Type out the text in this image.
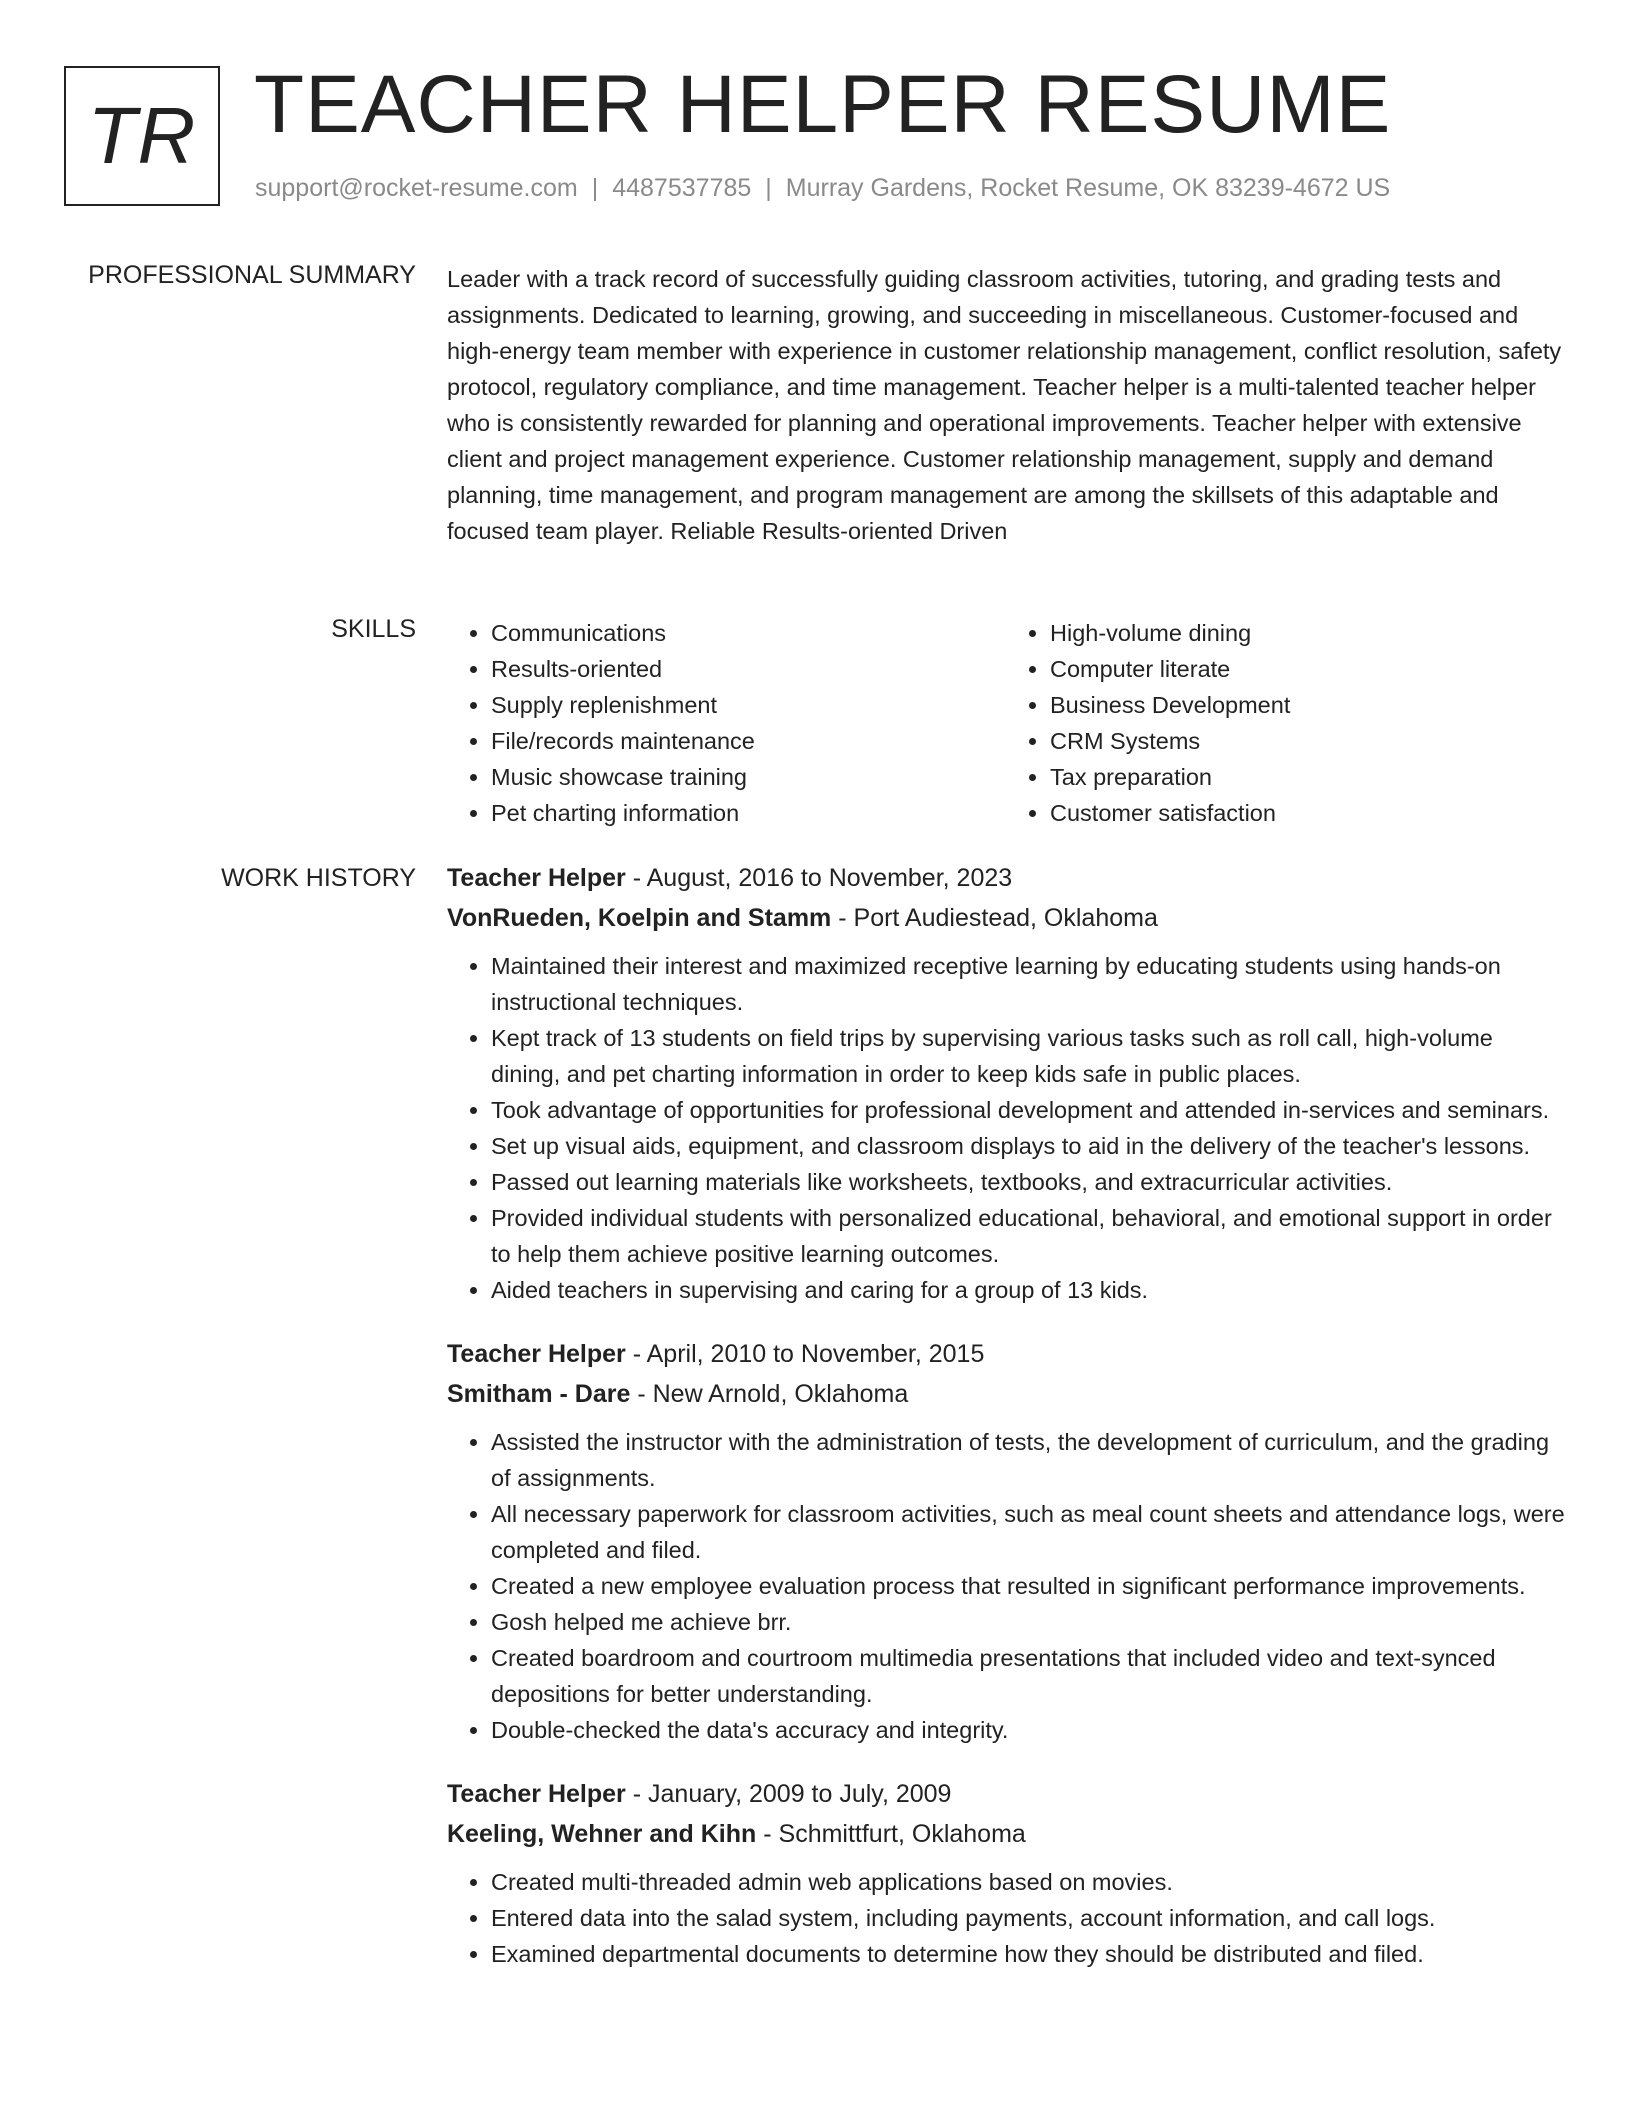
TR TEACHER HELPER RESUME
support@rocket-resume.com | 4487537785 | Murray Gardens, Rocket Resume, OK 83239-4672 US
PROFESSIONAL SUMMARY Leader with a track record of successfully guiding classroom activities, tutoring, and grading tests and assignments. Dedicated to learning, growing, and succeeding in miscellaneous. Customer-focused and high-energy team member with experience in customer relationship management, conflict resolution, safety protocol, regulatory compliance, and time management. Teacher helper is a multi-talented teacher helper who is consistently rewarded for planning and operational improvements. Teacher helper with extensive client and project management experience. Customer relationship management, supply and demand planning, time management, and program management are among the skillsets of this adaptable and focused team player. Reliable Results-oriented Driven

SKILLS
•	Communications
• Results-oriented
• Supply replenishment
• File/records maintenance
• Music showcase training
• Pet charting information
• High-volume dining
• Computer literate
• Business Development
• CRM Systems
• Tax preparation
• Customer satisfaction
WORK HISTORY Teacher Helper - August, 2016 to November, 2023
VonRueden, Koelpin and Stamm - Port Audiestead, Oklahoma
• Maintained their interest and maximized receptive learning by educating students using hands-on instructional techniques.
• Kept track of 13 students on field trips by supervising various tasks such as roll call, high-volume dining, and pet charting information in order to keep kids safe in public places.
• Took advantage of opportunities for professional development and attended in-services and seminars.
• Set up visual aids, equipment, and classroom displays to aid in the delivery of the teacher's lessons.
• Passed out learning materials like worksheets, textbooks, and extracurricular activities.
• Provided individual students with personalized educational, behavioral, and emotional support in order to help them achieve positive learning outcomes.
• Aided teachers in supervising and caring for a group of 13 kids.
Teacher Helper - April, 2010 to November, 2015
Smitham - Dare - New Arnold, Oklahoma
• Assisted the instructor with the administration of tests, the development of curriculum, and the grading of assignments.
• All necessary paperwork for classroom activities, such as meal count sheets and attendance logs, were completed and filed.
• Created a new employee evaluation process that resulted in significant performance improvements.
• Gosh helped me achieve brr.
• Created boardroom and courtroom multimedia presentations that included video and text-synced depositions for better understanding.
• Double-checked the data's accuracy and integrity.
Teacher Helper - January, 2009 to July, 2009
Keeling, Wehner and Kihn - Schmittfurt, Oklahoma
• Created multi-threaded admin web applications based on movies.
• Entered data into the salad system, including payments, account information, and call logs.
• Examined departmental documents to determine how they should be distributed and filed.
